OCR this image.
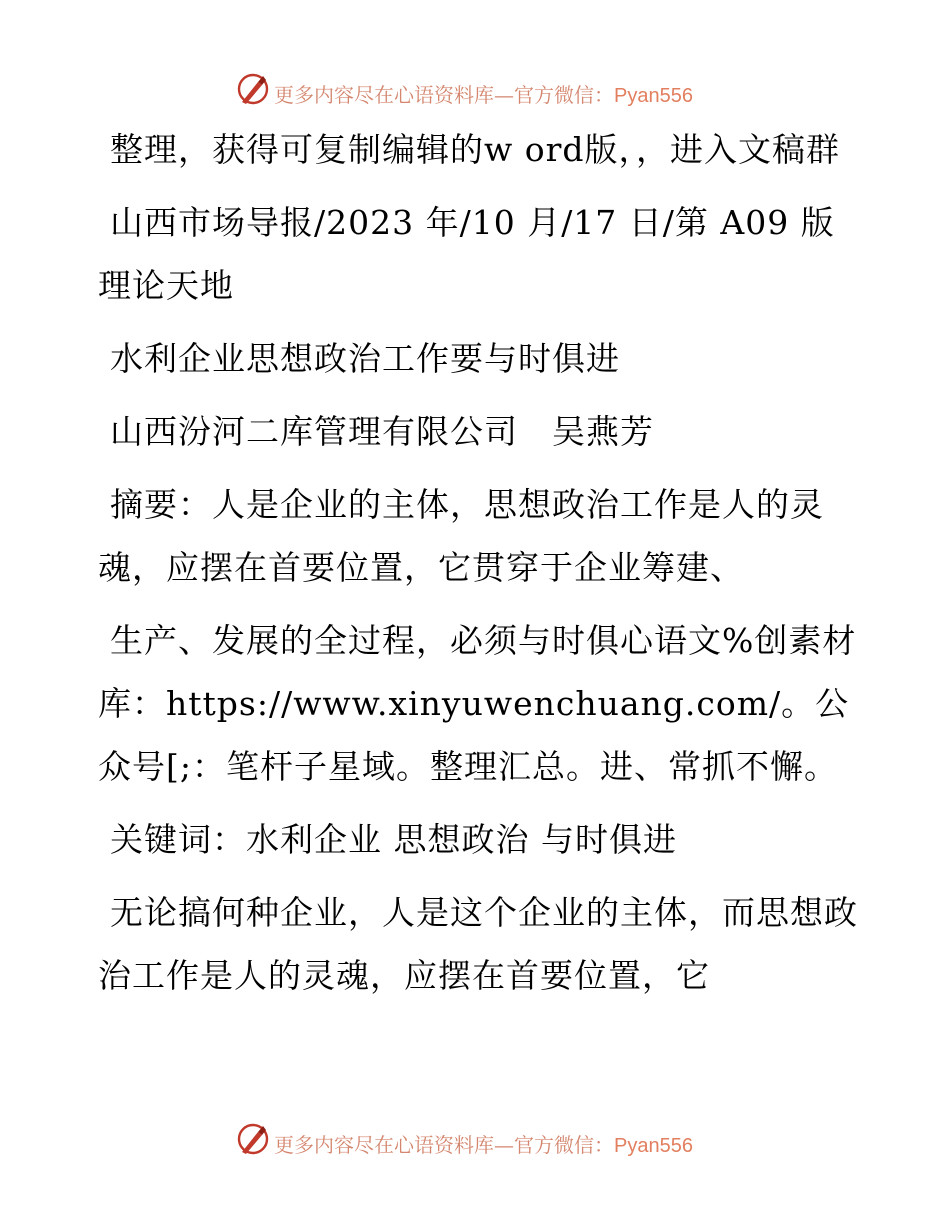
更多内容尽在心语资料库—官方微信：Pyan556

整理，获得可复制编辑的w ord版，，进入文稿群

山西市场导报/2023 年/10 月/17 日/第 A09 版理论天地

水利企业思想政治工作要与时俱进

山西汾河二库管理有限公司　吴燕芳

摘要：人是企业的主体，思想政治工作是人的灵魂，应摆在首要位置，它贯穿于企业筹建、

生产、发展的全过程，必须与时俱心语文%创素材库：https://www.xinyuwenchuang.com/。公众号[;：笔杆子星域。整理汇总。进、常抓不懈。

关键词：水利企业 思想政治 与时俱进

无论搞何种企业，人是这个企业的主体，而思想政治工作是人的灵魂，应摆在首要位置，它

更多内容尽在心语资料库—官方微信：Pyan556
